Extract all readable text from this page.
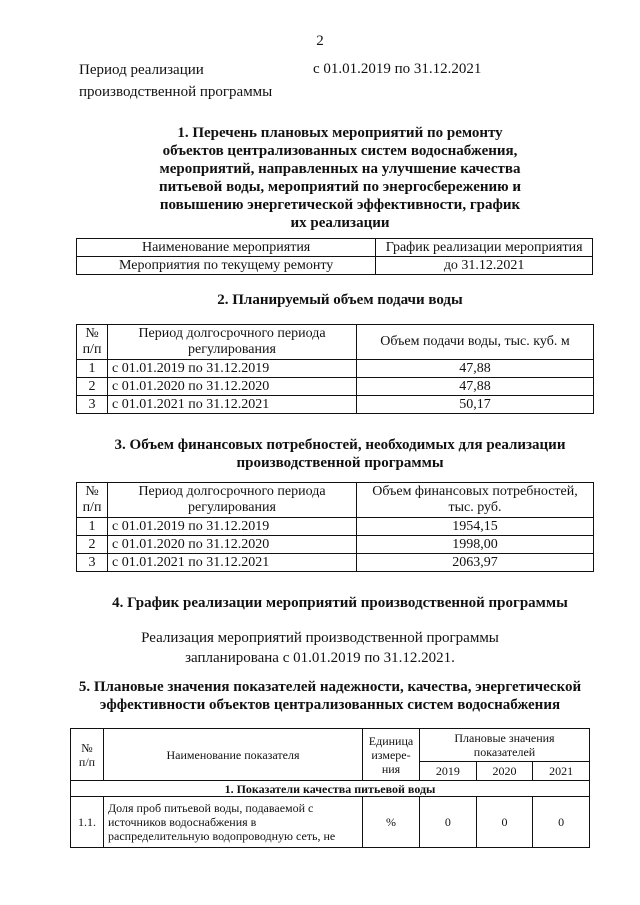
2
Период реализации
производственной программы
с 01.01.2019 по 31.12.2021
1. Перечень плановых мероприятий по ремонту объектов централизованных систем водоснабжения, мероприятий, направленных на улучшение качества питьевой воды, мероприятий по энергосбережению и повышению энергетической эффективности, график их реализации
Наименование мероприятия	График реализации мероприятия
Мероприятия по текущему ремонту	до 31.12.2021
2. Планируемый объем подачи воды
№ п/п	Период долгосрочного периода регулирования	Объем подачи воды, тыс. куб. м
1	с 01.01.2019 по 31.12.2019	47,88
2	с 01.01.2020 по 31.12.2020	47,88
3	с 01.01.2021 по 31.12.2021	50,17
3. Объем финансовых потребностей, необходимых для реализации производственной программы
№ п/п	Период долгосрочного периода регулирования	Объем финансовых потребностей, тыс. руб.
1	с 01.01.2019 по 31.12.2019	1954,15
2	с 01.01.2020 по 31.12.2020	1998,00
3	с 01.01.2021 по 31.12.2021	2063,97
4. График реализации мероприятий производственной программы
Реализация мероприятий производственной программы запланирована с 01.01.2019 по 31.12.2021.
5. Плановые значения показателей надежности, качества, энергетической эффективности объектов централизованных систем водоснабжения
№ п/п	Наименование показателя	Единица измере- ния	Плановые значения показателей		
			2019	2020	2021
1. Показатели качества питьевой воды					
1.1.	Доля проб питьевой воды, подаваемой с источников водоснабжения в распределительную водопроводную сеть, не	%	0	0	0
